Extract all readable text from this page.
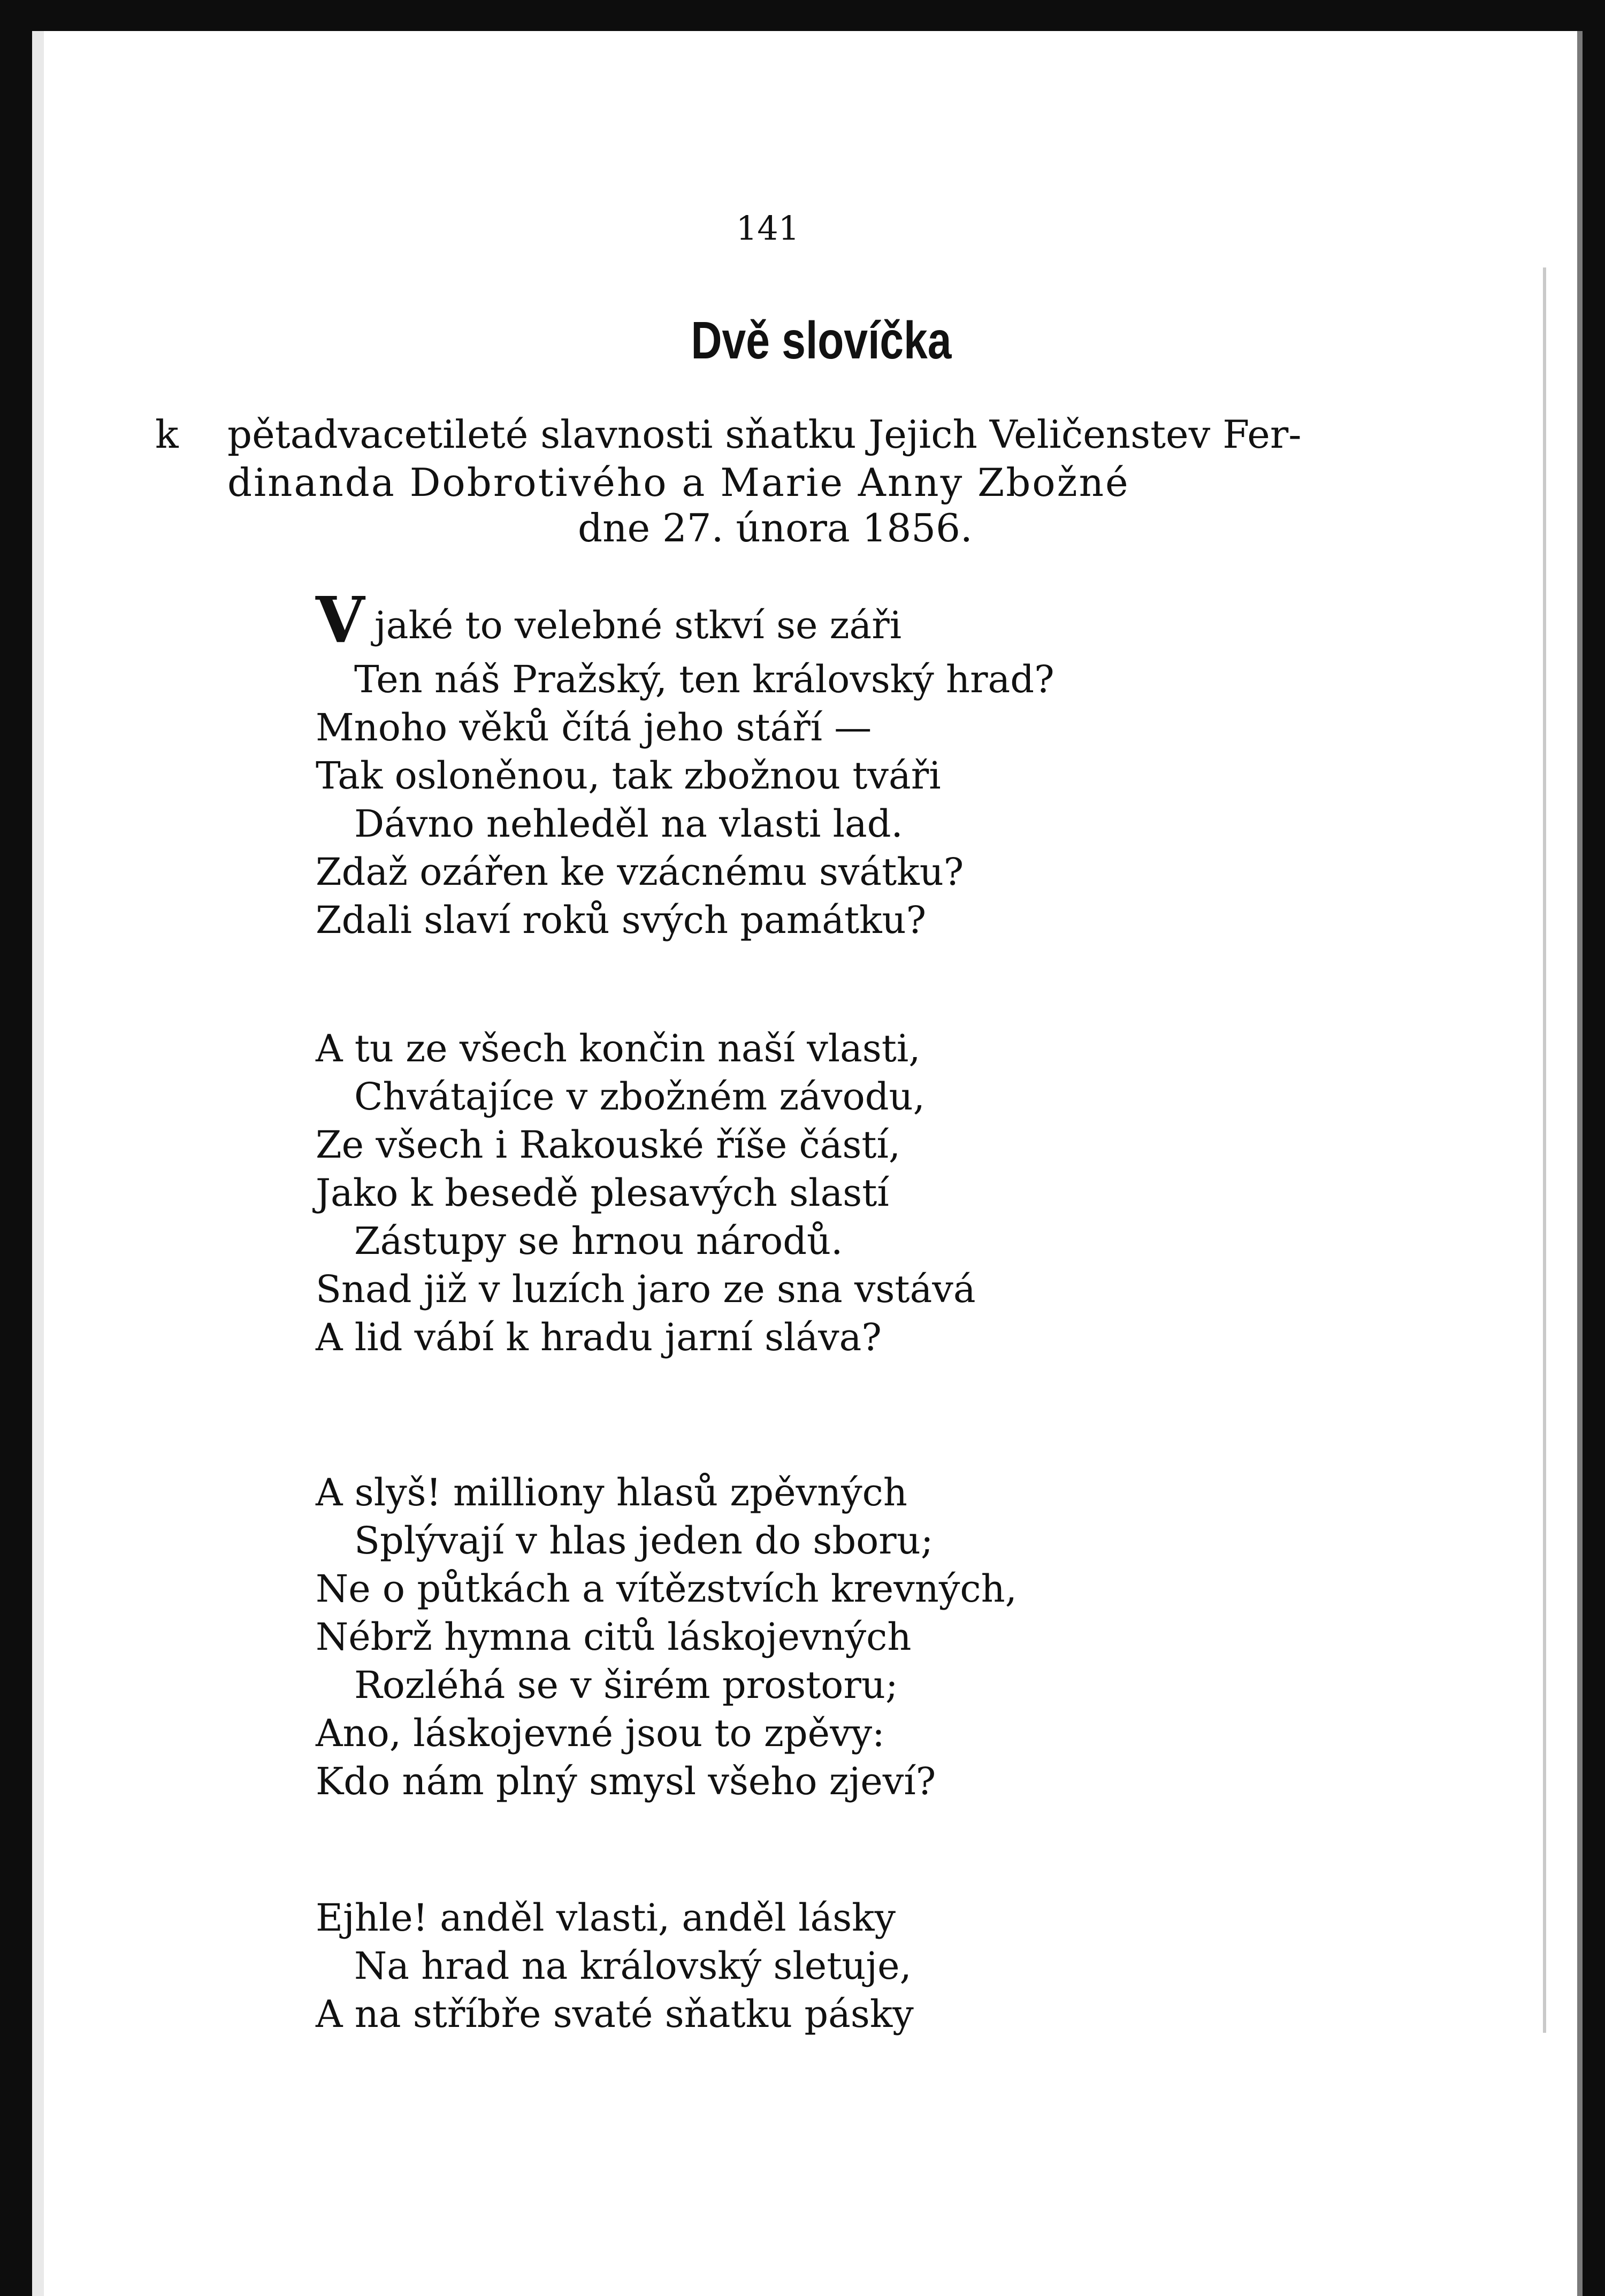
141
Dvě slovíčka
k pětadvacetileté slavnosti sňatku Jejich Veličenstev Fer-
dinanda Dobrotivého a Marie Anny Zbožné
dne 27. února 1856.
V jaké to velebné stkví se záři
Ten náš Pražský, ten královský hrad?
Mnoho věků čítá jeho stáří —
Tak osloněnou, tak zbožnou tváři
Dávno nehleděl na vlasti lad.
Zdaž ozářen ke vzácnému svátku?
Zdali slaví roků svých památku?
A tu ze všech končin naší vlasti,
Chvátajíce v zbožném závodu,
Ze všech i Rakouské říše částí,
Jako k besedě plesavých slastí
Zástupy se hrnou národů.
Snad již v luzích jaro ze sna vstává
A lid vábí k hradu jarní sláva?
A slyš! milliony hlasů zpěvných
Splývají v hlas jeden do sboru;
Ne o půtkách a vítězstvích krevných,
Nébrž hymna citů láskojevných
Rozléhá se v širém prostoru;
Ano, láskojevné jsou to zpěvy:
Kdo nám plný smysl všeho zjeví?
Ejhle! anděl vlasti, anděl lásky
Na hrad na královský sletuje,
A na stříbře svaté sňatku pásky
